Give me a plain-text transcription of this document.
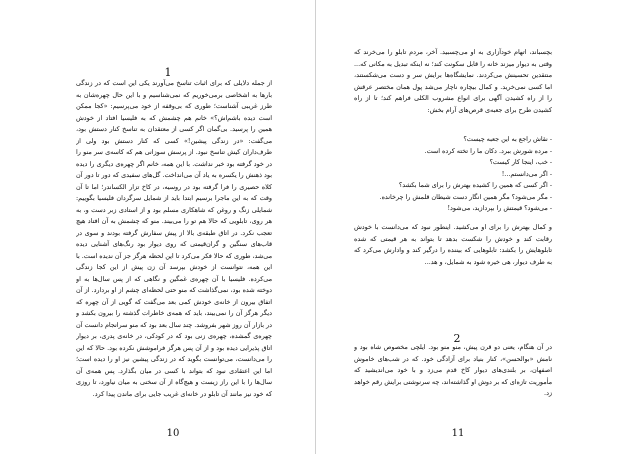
1

از جمله دلایلی که برای اثبات تناسخ می‌آورند یکی این است که در زندگی بارها به اشخاصی برمی‌خوریم که نمی‌شناسیم و با این حال چهره‌شان به طرز غریبی آشناست؛ طوری که بی‌وقفه از خود می‌پرسیم: «کجا ممکن است دیده باشم‌اش؟» خانم هم چشمش که به فلیسیا افتاد از خودش همین را پرسید. بی‌گمان اگر کسی از معتقدان به تناسخ کنار دستش بود، می‌گفت: «در زندگی پیشین!» کسی که کنار دستش بود ولی از طرف‌داران کیش تناسخ نبود. از پرسش سوزانی هم که کاسه‌ی سر منو را در خود گرفته بود خبر نداشت. با این همه، خانم اگر چهره‌ی دیگری را دیده بود ذهنش را یکسره به یاد آن می‌انداخت. گل‌های سفیدی که دور تا دور آن کلاه حصیری را فرا گرفته بود در روسیه، در کاخ تزار الکساندر؛ اما تا آن وقت که به این ماجرا برسیم ابتدا باید از شمایل سرگردان فلیسیا بگوییم: شمایلی زنگ و روغن که شاهکاری مسلم بود و از استادی زبر دست و، به هر روی، تابلویی که حالا هم تو را می‌بیند. منو که چشمش به آن افتاد هیچ تعجب نکرد. در اتاق طبقه‌ی بالا از پیش سفارش گرفته بودند و سوی در قاب‌های سنگین و گران‌قیمتی که روی دیوار بود رنگ‌های آشنایی دیده می‌شد، طوری که حالا فکر می‌کرد تا این لحظه هرگز جز آن ندیده است. با این همه، نتوانست از خودش بپرسد آن زن پیش از این کجا زندگی می‌کرده. فلیسیا با آن چهره‌ی غمگین و نگاهی که از پس سال‌ها به او دوخته شده بود، نمی‌گذاشت که منو حتی لحظه‌ای چشم از او بردارد. از آن اتفاق بیرون از خانه‌ی خودش کمی بعد می‌گفت که گویی از آن چهره که دیگر هرگز آن را نمی‌بیند، باید که همه‌ی خاطرات گذشته را بیرون بکشد و در بازار آن روز شهر بفروشد. چند سال بعد بود که منو سرانجام دانست آن چهره‌ی گمشده، چهره‌ی زنی بود که در کودکی، در خانه‌ی پدری، بر دیوار اتاق پذیرایی دیده بود و از آن پس هرگز فراموشش نکرده بود. حالا که این را می‌دانست، می‌توانست بگوید که در زندگی پیشین نیز او را دیده است؛ اما این اعتقادی نبود که بتواند با کسی در میان بگذارد. پس همه‌ی آن سال‌ها را با این راز زیست و هیچ‌گاه از آن سخنی به میان نیاورد، تا روزی که خود نیز مانند آن تابلو در خانه‌ای غریب جایی برای ماندن پیدا کرد.

10

بچسباند، اتهام خودآزاری به او می‌چسبید. آخر، مردم تابلو را می‌خرند که وقتی به دیوار میزند خانه را قابل سکونت کند؛ نه اینکه تبدیل به مکانی که... منتقدین تحسینش می‌کردند. نمایشگاه‌ها برایش سر و دست می‌شکستند، اما کسی نمی‌خرید. و کمال بیچاره ناچار می‌شد پول همان مختصر عرقش را از راه کشیدن آگهی برای انواع مشروب الکلی فراهم کند؛ تا از راه کشیدن طرح برای جعبه‌ی قرص‌های آرام بخش:

- نقاش راجع به این جعبه چیست؟

- مرده شورش ببرد. دکان ما را تخته کرده است.

- خب، اینجا کار کیست؟

- اگر می‌دانستم...!

- اگر کسی که همین را کشیده بهترش را برای شما بکشد؟

- مگر می‌شود؟ مگر همین انگار دست شیطان قلمش را چرخانده.

- می‌شود؟ قیمتش را بپردازید، می‌شود!

و کمال بهترش را برای او می‌کشید. اینطور نبود که می‌دانست با خودش رقابت کند و خودش را شکست بدهد تا بتواند به هر قیمتی که شده تابلوهایش را بکشد: تابلوهایی که بیننده را درگیر کند و وادارش می‌کرد که به طرف دیوار، هی خیره شود به شمایل، و هد...

2

در آن هنگام، یعنی دو قرن پیش، منو منو بود. ایلچی مخصوص شاه بود و نامش «بوالحسن»، کنار بنیاد برای آزادگی خود. که در شب‌های خاموش اصفهان، بر بلندی‌های دیوار کاخ قدم می‌زد و با خود می‌اندیشید که مأموریت تازه‌ای که بر دوش او گذاشته‌اند، چه سرنوشتی برایش رقم خواهد زد.

11
